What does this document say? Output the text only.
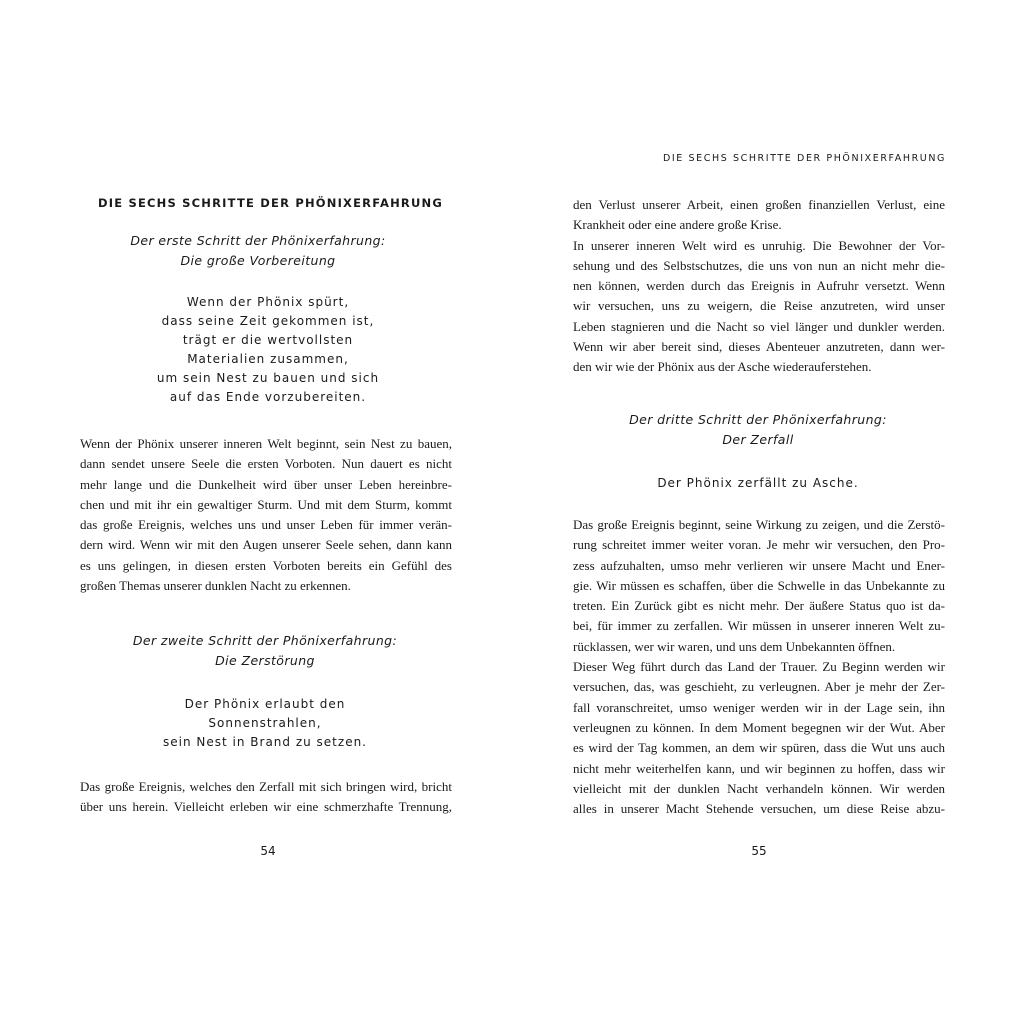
DIE SECHS SCHRITTE DER PHÖNIXERFAHRUNG
Der erste Schritt der Phönixerfahrung:
Die große Vorbereitung
Wenn der Phönix spürt,
dass seine Zeit gekommen ist,
trägt er die wertvollsten
Materialien zusammen,
um sein Nest zu bauen und sich
auf das Ende vorzubereiten.
Wenn der Phönix unserer inneren Welt beginnt, sein Nest zu bauen,
dann sendet unsere Seele die ersten Vorboten. Nun dauert es nicht
mehr lange und die Dunkelheit wird über unser Leben hereinbre-
chen und mit ihr ein gewaltiger Sturm. Und mit dem Sturm, kommt
das große Ereignis, welches uns und unser Leben für immer verän-
dern wird. Wenn wir mit den Augen unserer Seele sehen, dann kann
es uns gelingen, in diesen ersten Vorboten bereits ein Gefühl des
großen Themas unserer dunklen Nacht zu erkennen.
Der zweite Schritt der Phönixerfahrung:
Die Zerstörung
Der Phönix erlaubt den
Sonnenstrahlen,
sein Nest in Brand zu setzen.
Das große Ereignis, welches den Zerfall mit sich bringen wird, bricht
über uns herein. Vielleicht erleben wir eine schmerzhafte Trennung,
54
DIE SECHS SCHRITTE DER PHÖNIXERFAHRUNG
den Verlust unserer Arbeit, einen großen finanziellen Verlust, eine
Krankheit oder eine andere große Krise.
In unserer inneren Welt wird es unruhig. Die Bewohner der Vor-
sehung und des Selbstschutzes, die uns von nun an nicht mehr die-
nen können, werden durch das Ereignis in Aufruhr versetzt. Wenn
wir versuchen, uns zu weigern, die Reise anzutreten, wird unser
Leben stagnieren und die Nacht so viel länger und dunkler werden.
Wenn wir aber bereit sind, dieses Abenteuer anzutreten, dann wer-
den wir wie der Phönix aus der Asche wiederauferstehen.
Der dritte Schritt der Phönixerfahrung:
Der Zerfall
Der Phönix zerfällt zu Asche.
Das große Ereignis beginnt, seine Wirkung zu zeigen, und die Zerstö-
rung schreitet immer weiter voran. Je mehr wir versuchen, den Pro-
zess aufzuhalten, umso mehr verlieren wir unsere Macht und Ener-
gie. Wir müssen es schaffen, über die Schwelle in das Unbekannte zu
treten. Ein Zurück gibt es nicht mehr. Der äußere Status quo ist da-
bei, für immer zu zerfallen. Wir müssen in unserer inneren Welt zu-
rücklassen, wer wir waren, und uns dem Unbekannten öffnen.
Dieser Weg führt durch das Land der Trauer. Zu Beginn werden wir
versuchen, das, was geschieht, zu verleugnen. Aber je mehr der Zer-
fall voranschreitet, umso weniger werden wir in der Lage sein, ihn
verleugnen zu können. In dem Moment begegnen wir der Wut. Aber
es wird der Tag kommen, an dem wir spüren, dass die Wut uns auch
nicht mehr weiterhelfen kann, und wir beginnen zu hoffen, dass wir
vielleicht mit der dunklen Nacht verhandeln können. Wir werden
alles in unserer Macht Stehende versuchen, um diese Reise abzu-
55
